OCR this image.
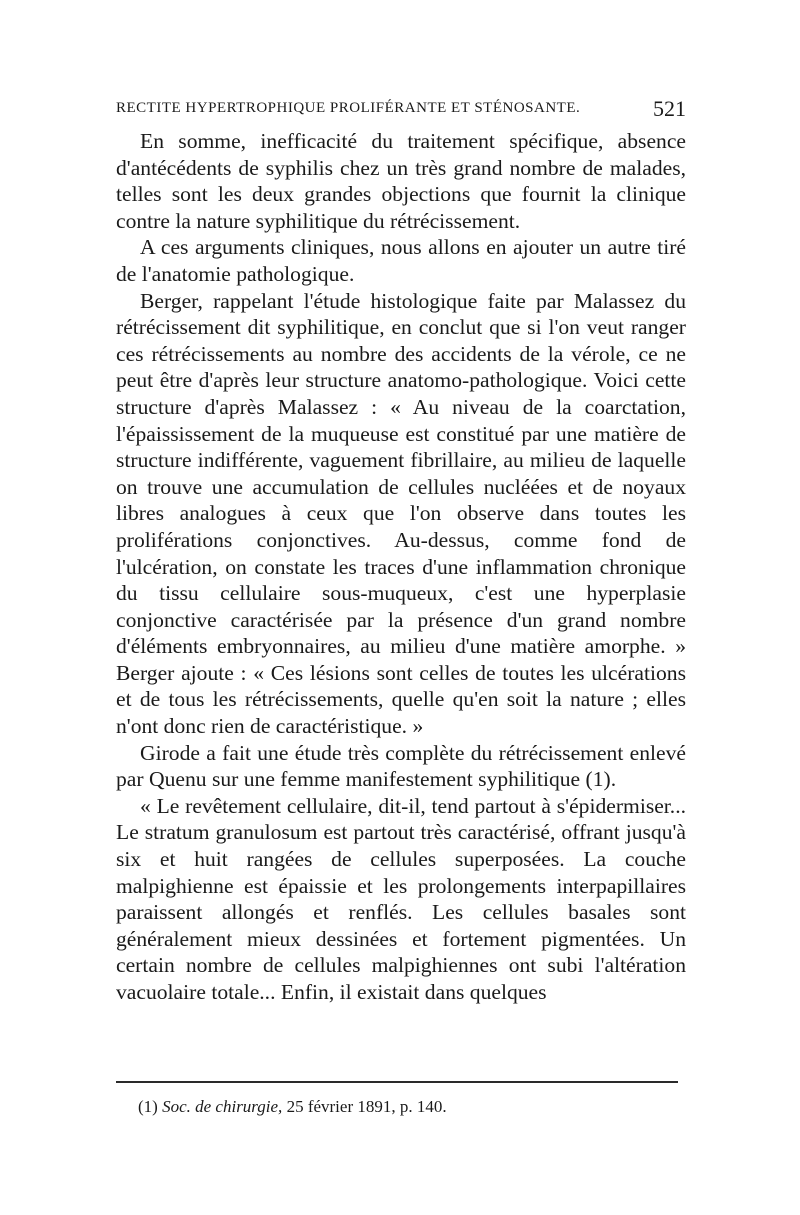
RECTITE HYPERTROPHIQUE PROLIFÉRANTE ET STÉNOSANTE.	521

En somme, inefficacité du traitement spécifique, absence d'antécédents de syphilis chez un très grand nombre de malades, telles sont les deux grandes objections que fournit la clinique contre la nature syphilitique du rétrécissement.

A ces arguments cliniques, nous allons en ajouter un autre tiré de l'anatomie pathologique.

Berger, rappelant l'étude histologique faite par Malassez du rétrécissement dit syphilitique, en conclut que si l'on veut ranger ces rétrécissements au nombre des accidents de la vérole, ce ne peut être d'après leur structure anatomo-pathologique. Voici cette structure d'après Malassez : « Au niveau de la coarctation, l'épaississement de la muqueuse est constitué par une matière de structure indifférente, vaguement fibrillaire, au milieu de laquelle on trouve une accumulation de cellules nucléées et de noyaux libres analogues à ceux que l'on observe dans toutes les proliférations conjonctives. Au-dessus, comme fond de l'ulcération, on constate les traces d'une inflammation chronique du tissu cellulaire sous-muqueux, c'est une hyperplasie conjonctive caractérisée par la présence d'un grand nombre d'éléments embryonnaires, au milieu d'une matière amorphe. » Berger ajoute : « Ces lésions sont celles de toutes les ulcérations et de tous les rétrécissements, quelle qu'en soit la nature ; elles n'ont donc rien de caractéristique. »

Girode a fait une étude très complète du rétrécissement enlevé par Quenu sur une femme manifestement syphilitique (1).

« Le revêtement cellulaire, dit-il, tend partout à s'épidermiser... Le stratum granulosum est partout très caractérisé, offrant jusqu'à six et huit rangées de cellules superposées. La couche malpighienne est épaissie et les prolongements interpapillaires paraissent allongés et renflés. Les cellules basales sont généralement mieux dessinées et fortement pigmentées. Un certain nombre de cellules malpighiennes ont subi l'altération vacuolaire totale... Enfin, il existait dans quelques

(1) Soc. de chirurgie, 25 février 1891, p. 140.
